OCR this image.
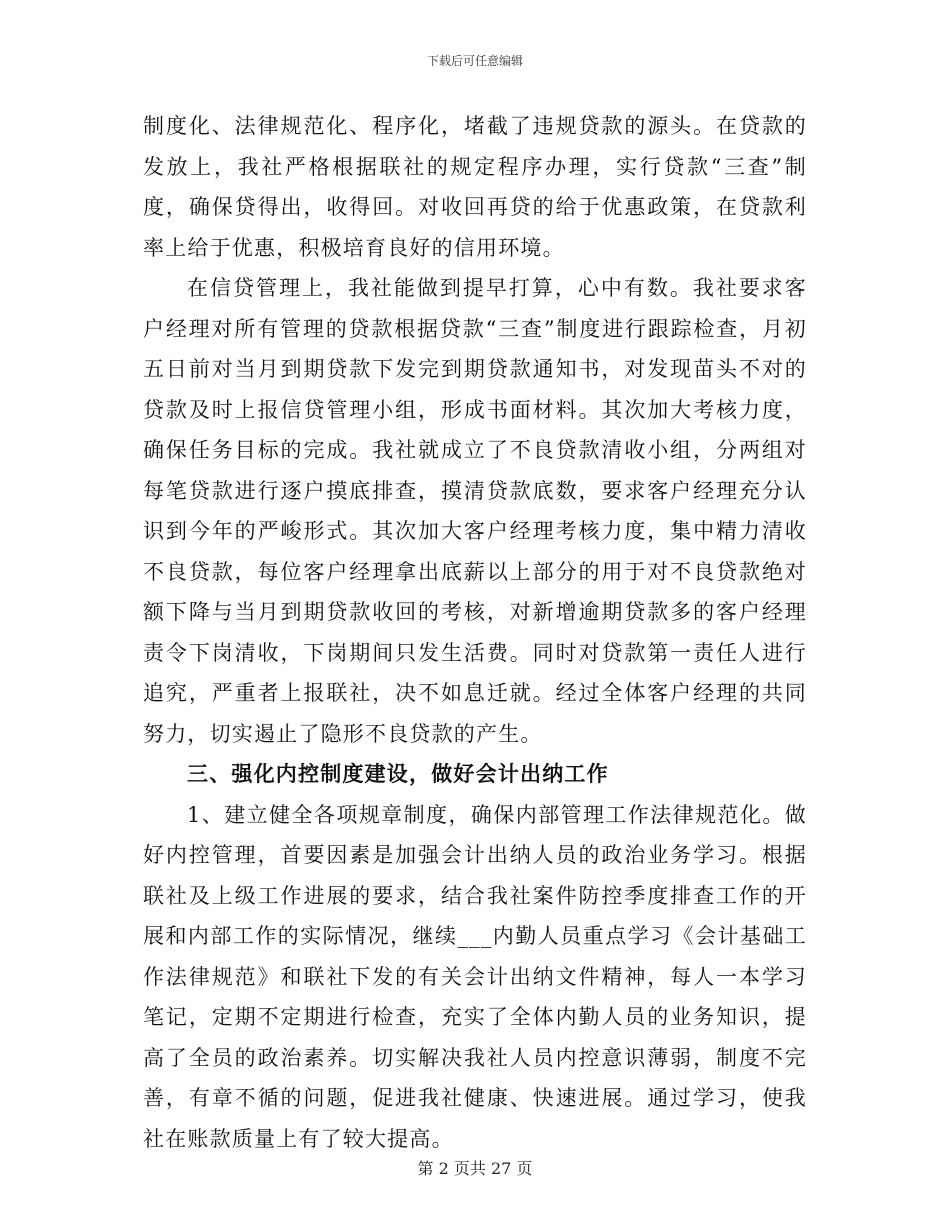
下载后可任意编辑

制度化、法律规范化、程序化，堵截了违规贷款的源头。在贷款的发放上，我社严格根据联社的规定程序办理，实行贷款“三查”制度，确保贷得出，收得回。对收回再贷的给于优惠政策，在贷款利率上给于优惠，积极培育良好的信用环境。

在信贷管理上，我社能做到提早打算，心中有数。我社要求客户经理对所有管理的贷款根据贷款“三查”制度进行跟踪检查，月初五日前对当月到期贷款下发完到期贷款通知书，对发现苗头不对的贷款及时上报信贷管理小组，形成书面材料。其次加大考核力度，确保任务目标的完成。我社就成立了不良贷款清收小组，分两组对每笔贷款进行逐户摸底排查，摸清贷款底数，要求客户经理充分认识到今年的严峻形式。其次加大客户经理考核力度，集中精力清收不良贷款，每位客户经理拿出底薪以上部分的用于对不良贷款绝对额下降与当月到期贷款收回的考核，对新增逾期贷款多的客户经理责令下岗清收，下岗期间只发生活费。同时对贷款第一责任人进行追究，严重者上报联社，决不如息迁就。经过全体客户经理的共同努力，切实遏止了隐形不良贷款的产生。

三、强化内控制度建设，做好会计出纳工作

1、建立健全各项规章制度，确保内部管理工作法律规范化。做好内控管理，首要因素是加强会计出纳人员的政治业务学习。根据联社及上级工作进展的要求，结合我社案件防控季度排查工作的开展和内部工作的实际情况，继续___内勤人员重点学习《会计基础工作法律规范》和联社下发的有关会计出纳文件精神，每人一本学习笔记，定期不定期进行检查，充实了全体内勤人员的业务知识，提高了全员的政治素养。切实解决我社人员内控意识薄弱，制度不完善，有章不循的问题，促进我社健康、快速进展。通过学习，使我社在账款质量上有了较大提高。

第 2 页共 27 页
